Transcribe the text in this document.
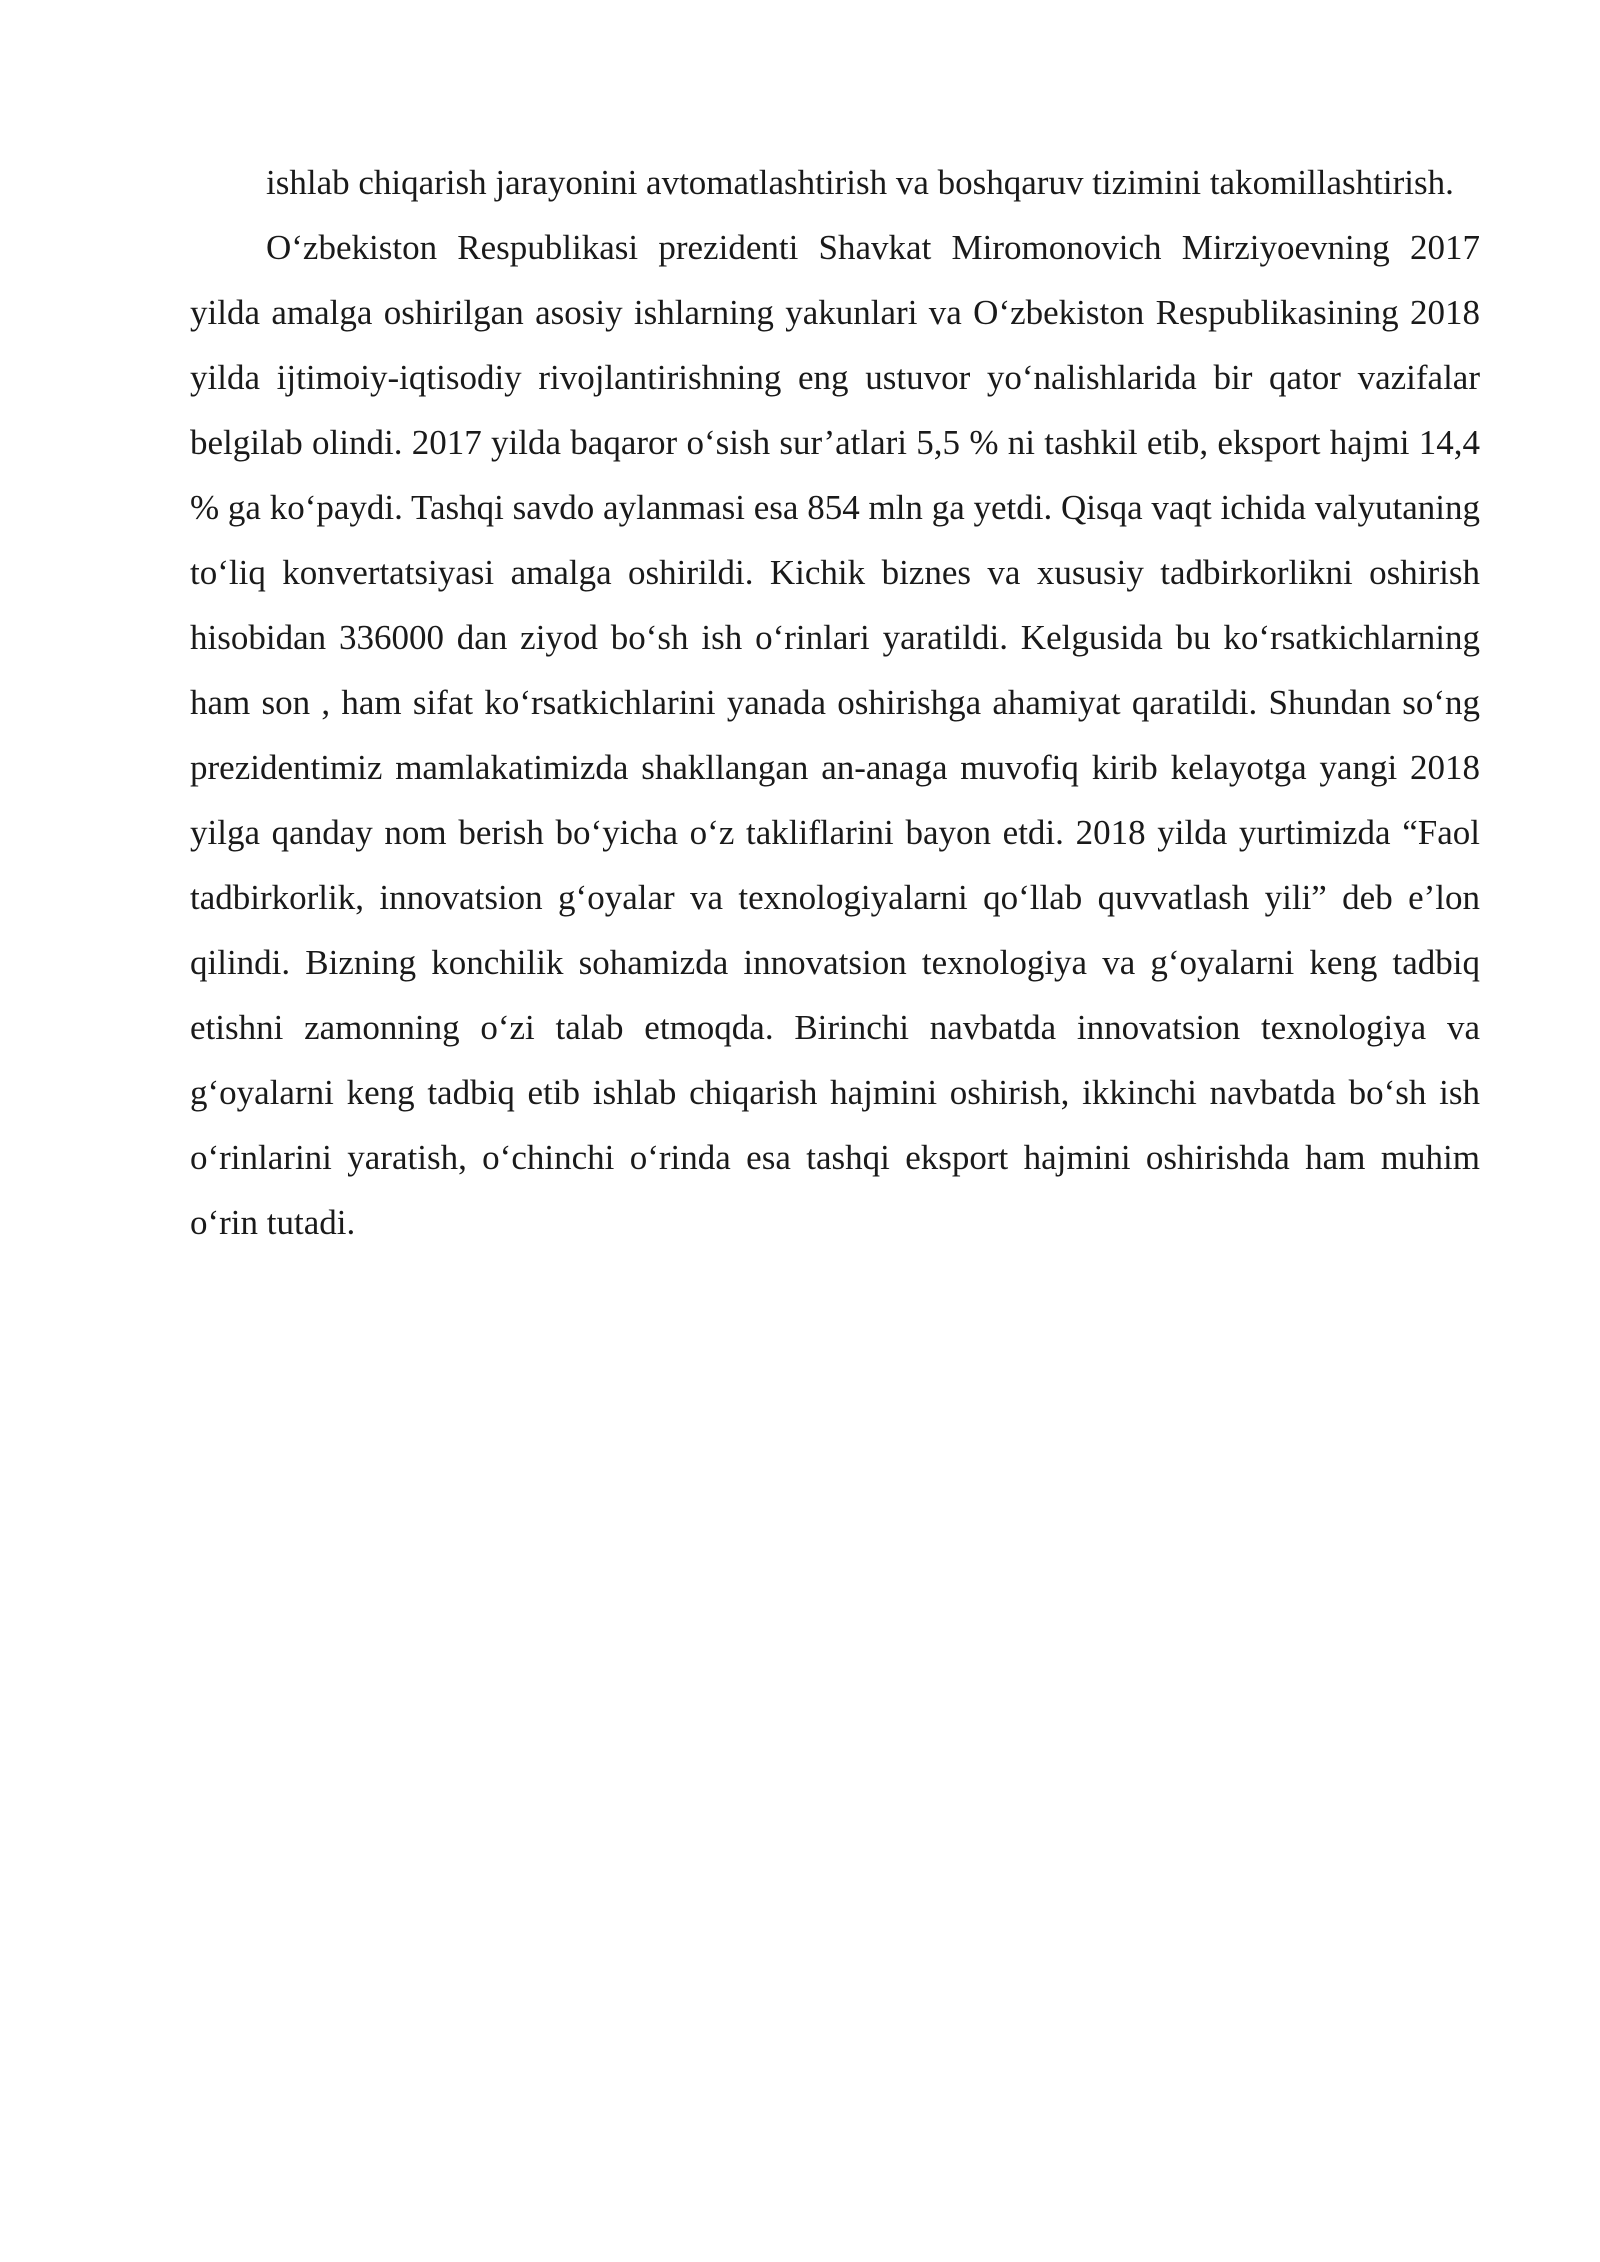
ishlab chiqarish jarayonini avtomatlashtirish va boshqaruv tizimini takomillashtirish.

O‘zbekiston Respublikasi prezidenti Shavkat Miromonovich Mirziyoevning 2017 yilda amalga oshirilgan asosiy ishlarning yakunlari va O‘zbekiston Respublikasining 2018 yilda ijtimoiy-iqtisodiy rivojlantirishning eng ustuvor yo‘nalishlarida bir qator vazifalar belgilab olindi. 2017 yilda baqaror o‘sish sur’atlari 5,5 % ni tashkil etib, eksport hajmi 14,4 % ga ko‘paydi. Tashqi savdo aylanmasi esa 854 mln ga yetdi. Qisqa vaqt ichida valyutaning to‘liq konvertatsiyasi amalga oshirildi. Kichik biznes va xususiy tadbirkorlikni oshirish hisobidan 336000 dan ziyod bo‘sh ish o‘rinlari yaratildi. Kelgusida bu ko‘rsatkichlarning ham son , ham sifat ko‘rsatkichlarini yanada oshirishga ahamiyat qaratildi. Shundan so‘ng prezidentimiz mamlakatimizda shakllangan an-anaga muvofiq kirib kelayotga yangi 2018 yilga qanday nom berish bo‘yicha o‘z takliflarini bayon etdi. 2018 yilda yurtimizda “Faol tadbirkorlik, innovatsion g‘oyalar va texnologiyalarni qo‘llab quvvatlash yili” deb e’lon qilindi. Bizning konchilik sohamizda innovatsion texnologiya va g‘oyalarni keng tadbiq etishni zamonning o‘zi talab etmoqda. Birinchi navbatda innovatsion texnologiya va g‘oyalarni keng tadbiq etib ishlab chiqarish hajmini oshirish, ikkinchi navbatda bo‘sh ish o‘rinlarini yaratish, o‘chinchi o‘rinda esa tashqi eksport hajmini oshirishda ham muhim o‘rin tutadi.
